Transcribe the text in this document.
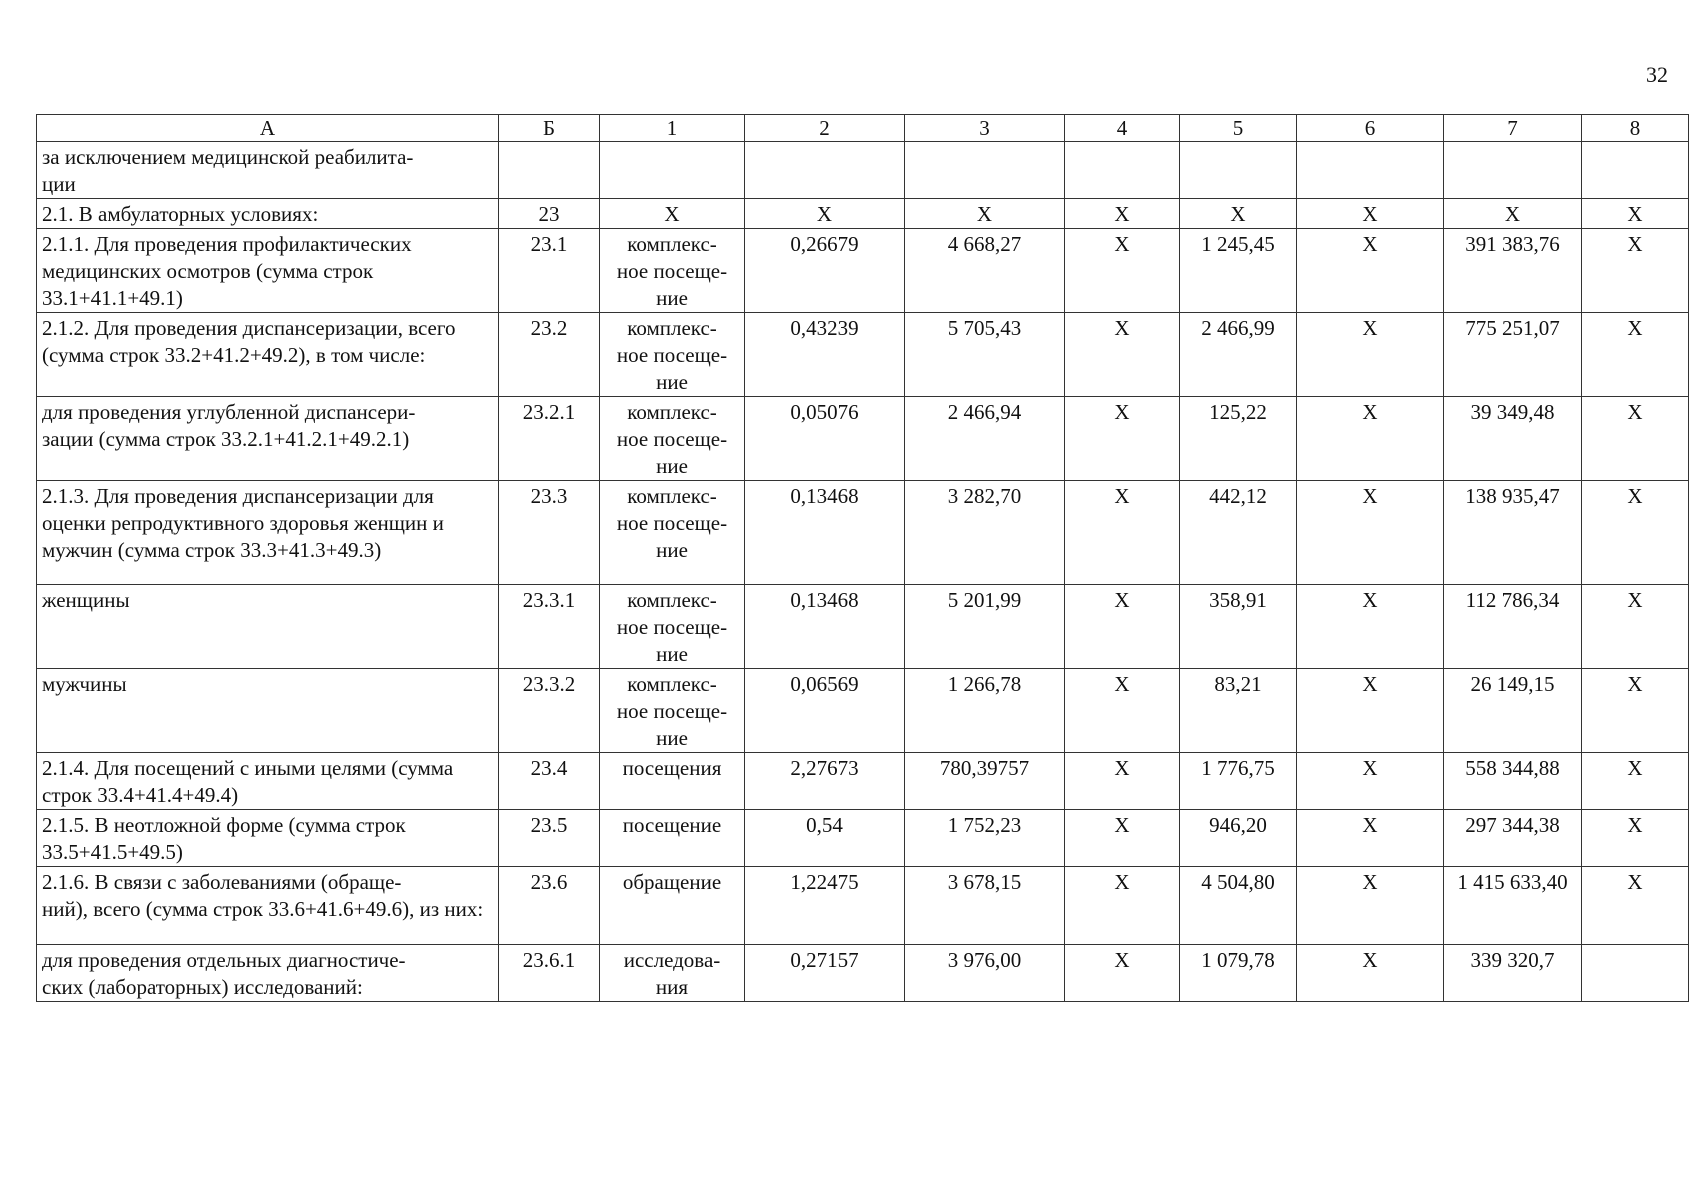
32
А	Б	1	2	3	4	5	6	7	8
за исключением медицинской реабилита-
ции									
2.1. В амбулаторных условиях:	23	X	X	X	X	X	X	X	X
2.1.1. Для проведения профилактических медицинских осмотров (сумма строк 33.1+41.1+49.1)	23.1	комплекс-
ное посеще-
ние	0,26679	4 668,27	X	1 245,45	X	391 383,76	X
2.1.2. Для проведения диспансеризации, всего (сумма строк 33.2+41.2+49.2), в том числе:	23.2	комплекс-
ное посеще-
ние	0,43239	5 705,43	X	2 466,99	X	775 251,07	X
для проведения углубленной диспансери-
зации (сумма строк 33.2.1+41.2.1+49.2.1)	23.2.1	комплекс-
ное посеще-
ние	0,05076	2 466,94	X	125,22	X	39 349,48	X
2.1.3. Для проведения диспансеризации для оценки репродуктивного здоровья женщин и мужчин (сумма строк 33.3+41.3+49.3)	23.3	комплекс-
ное посеще-
ние	0,13468	3 282,70	X	442,12	X	138 935,47	X
женщины	23.3.1	комплекс-
ное посеще-
ние	0,13468	5 201,99	X	358,91	X	112 786,34	X
мужчины	23.3.2	комплекс-
ное посеще-
ние	0,06569	1 266,78	X	83,21	X	26 149,15	X
2.1.4. Для посещений с иными целями (сумма строк 33.4+41.4+49.4)	23.4	посещения	2,27673	780,39757	X	1 776,75	X	558 344,88	X
2.1.5. В неотложной форме (сумма строк 33.5+41.5+49.5)	23.5	посещение	0,54	1 752,23	X	946,20	X	297 344,38	X
2.1.6. В связи с заболеваниями (обраще-
ний), всего (сумма строк 33.6+41.6+49.6), из них:	23.6	обращение	1,22475	3 678,15	X	4 504,80	X	1 415 633,40	X
для проведения отдельных диагностиче-
ских (лабораторных) исследований:	23.6.1	исследова-
ния	0,27157	3 976,00	X	1 079,78	X	339 320,7	
